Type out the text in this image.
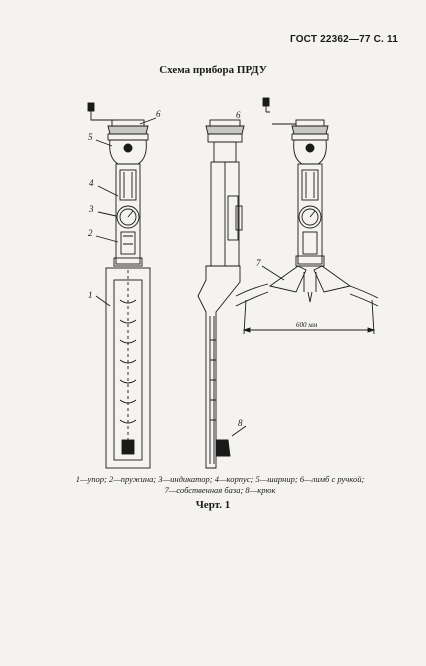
ГОСТ 22362—77 С. 11
Схема прибора ПРДУ
5
6
4
3
2
1
6
8
7
600 мм
1—упор; 2—пружина; 3—индикатор; 4—корпус; 5—шарнир; 6—лимб с ручкой;
7—собственная база; 8—крюк
Черт. 1
